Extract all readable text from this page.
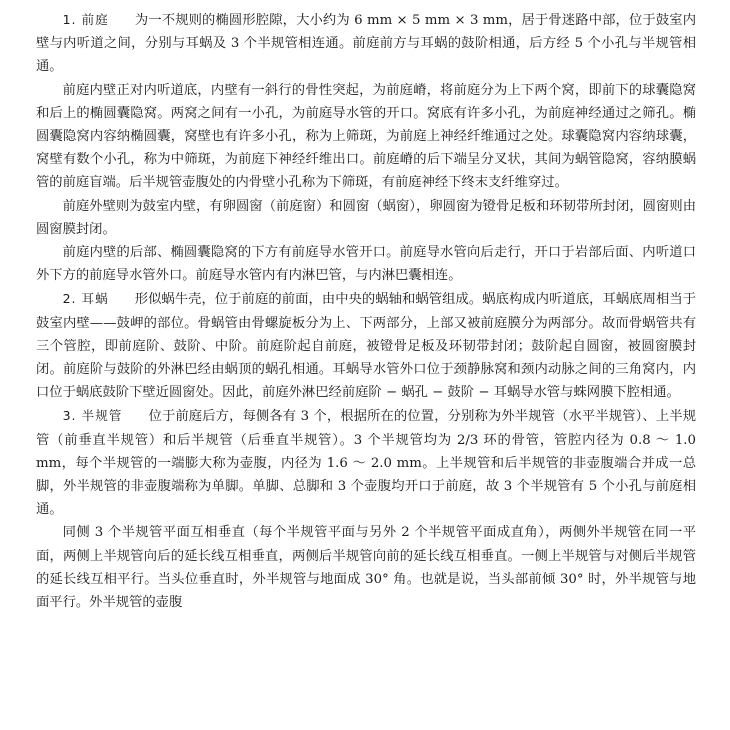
1. 前庭 为一不规则的椭圆形腔隙，大小约为 6 mm × 5 mm × 3 mm，居于骨迷路中部，位于鼓室内壁与内听道之间，分别与耳蜗及 3 个半规管相连通。前庭前方与耳蜗的鼓阶相通，后方经 5 个小孔与半规管相通。

前庭内壁正对内听道底，内壁有一斜行的骨性突起，为前庭嵴，将前庭分为上下两个窝，即前下的球囊隐窝和后上的椭圆囊隐窝。两窝之间有一小孔，为前庭导水管的开口。窝底有许多小孔，为前庭神经通过之筛孔。椭圆囊隐窝内容纳椭圆囊，窝壁也有许多小孔，称为上筛斑，为前庭上神经纤维通过之处。球囊隐窝内容纳球囊，窝壁有数个小孔，称为中筛斑，为前庭下神经纤维出口。前庭嵴的后下端呈分叉状，其间为蜗管隐窝，容纳膜蜗管的前庭盲端。后半规管壶腹处的内骨壁小孔称为下筛斑，有前庭神经下终末支纤维穿过。

前庭外壁则为鼓室内壁，有卵圆窗（前庭窗）和圆窗（蜗窗），卵圆窗为镫骨足板和环韧带所封闭，圆窗则由圆窗膜封闭。

前庭内壁的后部、椭圆囊隐窝的下方有前庭导水管开口。前庭导水管向后走行，开口于岩部后面、内听道口外下方的前庭导水管外口。前庭导水管内有内淋巴管，与内淋巴囊相连。

2. 耳蜗 形似蜗牛壳，位于前庭的前面，由中央的蜗轴和蜗管组成。蜗底构成内听道底，耳蜗底周相当于鼓室内壁——鼓岬的部位。骨蜗管由骨螺旋板分为上、下两部分，上部又被前庭膜分为两部分。故而骨蜗管共有三个管腔，即前庭阶、鼓阶、中阶。前庭阶起自前庭，被镫骨足板及环韧带封闭；鼓阶起自圆窗，被圆窗膜封闭。前庭阶与鼓阶的外淋巴经由蜗顶的蜗孔相通。耳蜗导水管外口位于颈静脉窝和颈内动脉之间的三角窝内，内口位于蜗底鼓阶下壁近圆窗处。因此，前庭外淋巴经前庭阶 − 蜗孔 − 鼓阶 − 耳蜗导水管与蛛网膜下腔相通。

3. 半规管 位于前庭后方，每侧各有 3 个，根据所在的位置，分别称为外半规管（水平半规管）、上半规管（前垂直半规管）和后半规管（后垂直半规管）。3 个半规管均为 2/3 环的骨管，管腔内径为 0.8 ～ 1.0 mm，每个半规管的一端膨大称为壶腹，内径为 1.6 ～ 2.0 mm。上半规管和后半规管的非壶腹端合并成一总脚，外半规管的非壶腹端称为单脚。单脚、总脚和 3 个壶腹均开口于前庭，故 3 个半规管有 5 个小孔与前庭相通。

同侧 3 个半规管平面互相垂直（每个半规管平面与另外 2 个半规管平面成直角），两侧外半规管在同一平面，两侧上半规管向后的延长线互相垂直，两侧后半规管向前的延长线互相垂直。一侧上半规管与对侧后半规管的延长线互相平行。当头位垂直时，外半规管与地面成 30° 角。也就是说，当头部前倾 30° 时，外半规管与地面平行。外半规管的壶腹
